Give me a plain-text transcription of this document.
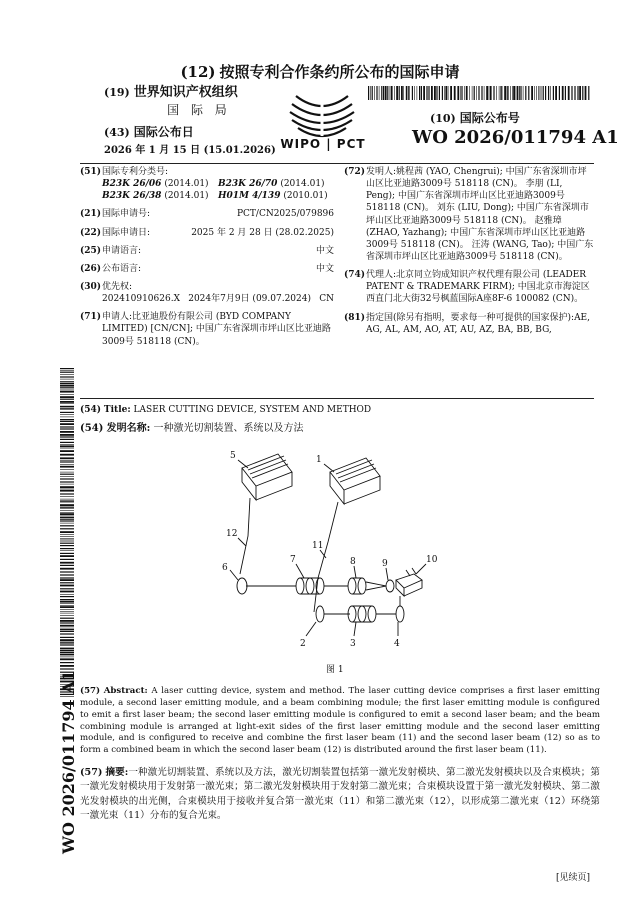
(12) 按照专利合作条约所公布的国际申请
(19) 世界知识产权组织
国 际 局
(43) 国际公布日
2026 年 1 月 15 日 (15.01.2026) WIPO | PCT
(10) 国际公布号
WO 2026/011794 A1
(51) 国际专利分类号:
B23K 26/06 (2014.01)	B23K 26/70 (2014.01)
B23K 26/38 (2014.01)	H01M 4/139 (2010.01)
(21) 国际申请号:	PCT/CN2025/079896
(22) 国际申请日:	2025 年 2 月 28 日 (28.02.2025)
(25) 申请语言:	中文
(26) 公布语言:	中文
(30) 优先权:
202410910626.X 2024年7月9日 (09.07.2024) CN
(71) 申请人:比亚迪股份有限公司 (BYD COMPANY LIMITED) [CN/CN]; 中国广东省深圳市坪山区比亚迪路3009号 518118 (CN)。
(72) 发明人:姚程茜 (YAO, Chengrui); 中国广东省深圳市坪山区比亚迪路3009号 518118 (CN)。 李朋 (LI, Peng); 中国广东省深圳市坪山区比亚迪路3009号 518118 (CN)。 刘东 (LIU, Dong); 中国广东省深圳市坪山区比亚迪路3009号 518118 (CN)。 赵雅璋 (ZHAO, Yazhang); 中国广东省深圳市坪山区比亚迪路3009号 518118 (CN)。 汪涛 (WANG, Tao); 中国广东省深圳市坪山区比亚迪路3009号 518118 (CN)。
(74) 代理人:北京同立钧成知识产权代理有限公司 (LEADER PATENT & TRADEMARK FIRM); 中国北京市海淀区西直门北大街32号枫蓝国际A座8F-6 100082 (CN)。
(81) 指定国(除另有指明，要求每一种可提供的国家保护):AE, AG, AL, AM, AO, AT, AU, AZ, BA, BB, BG,
WO 2026/011794 A1
(54) Title: LASER CUTTING DEVICE, SYSTEM AND METHOD
(54) 发明名称: 一种激光切割装置、系统以及方法
5	1
12
11
6
7	8	9	10
2	3	4
图 1
(57) Abstract: A laser cutting device, system and method. The laser cutting device comprises a first laser emitting module, a second laser emitting module, and a beam combining module; the first laser emitting module is configured to emit a first laser beam; the second laser emitting module is configured to emit a second laser beam; and the beam combining module is arranged at light-exit sides of the first laser emitting module and the second laser emitting module, and is configured to receive and combine the first laser beam (11) and the second laser beam (12) so as to form a combined beam in which the second laser beam (12) is distributed around the first laser beam (11).
(57) 摘要:一种激光切割装置、系统以及方法，激光切割装置包括第一激光发射模块、第二激光发射模块以及合束模块；第一激光发射模块用于发射第一激光束；第二激光发射模块用于发射第二激光束；合束模块设置于第一激光发射模块、第二激光发射模块的出光侧，合束模块用于接收并复合第一激光束（11）和第二激光束（12），以形成第二激光束（12）环绕第一激光束（11）分布的复合光束。
[见续页]
